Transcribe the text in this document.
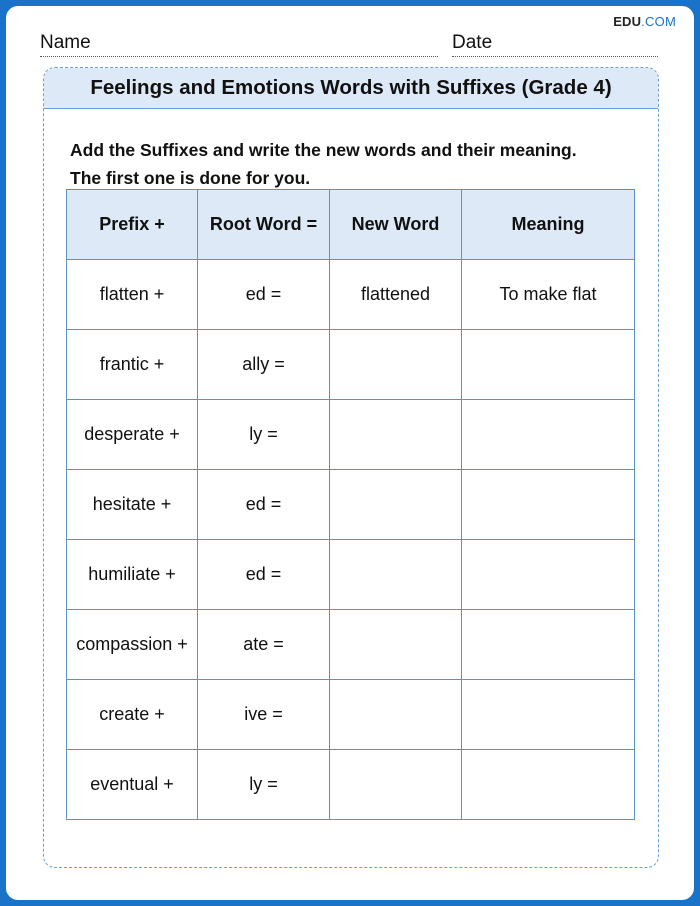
EDU.COM
Name	Date
Feelings and Emotions Words with Suffixes (Grade 4)
Add the Suffixes and write the new words and their meaning.
The first one is done for you.
Prefix +	Root Word =	New Word	Meaning
flatten +	ed =	flattened	To make flat
frantic +	ally =		
desperate +	ly =		
hesitate +	ed =		
humiliate +	ed =		
compassion +	ate =		
create +	ive =		
eventual +	ly =		
